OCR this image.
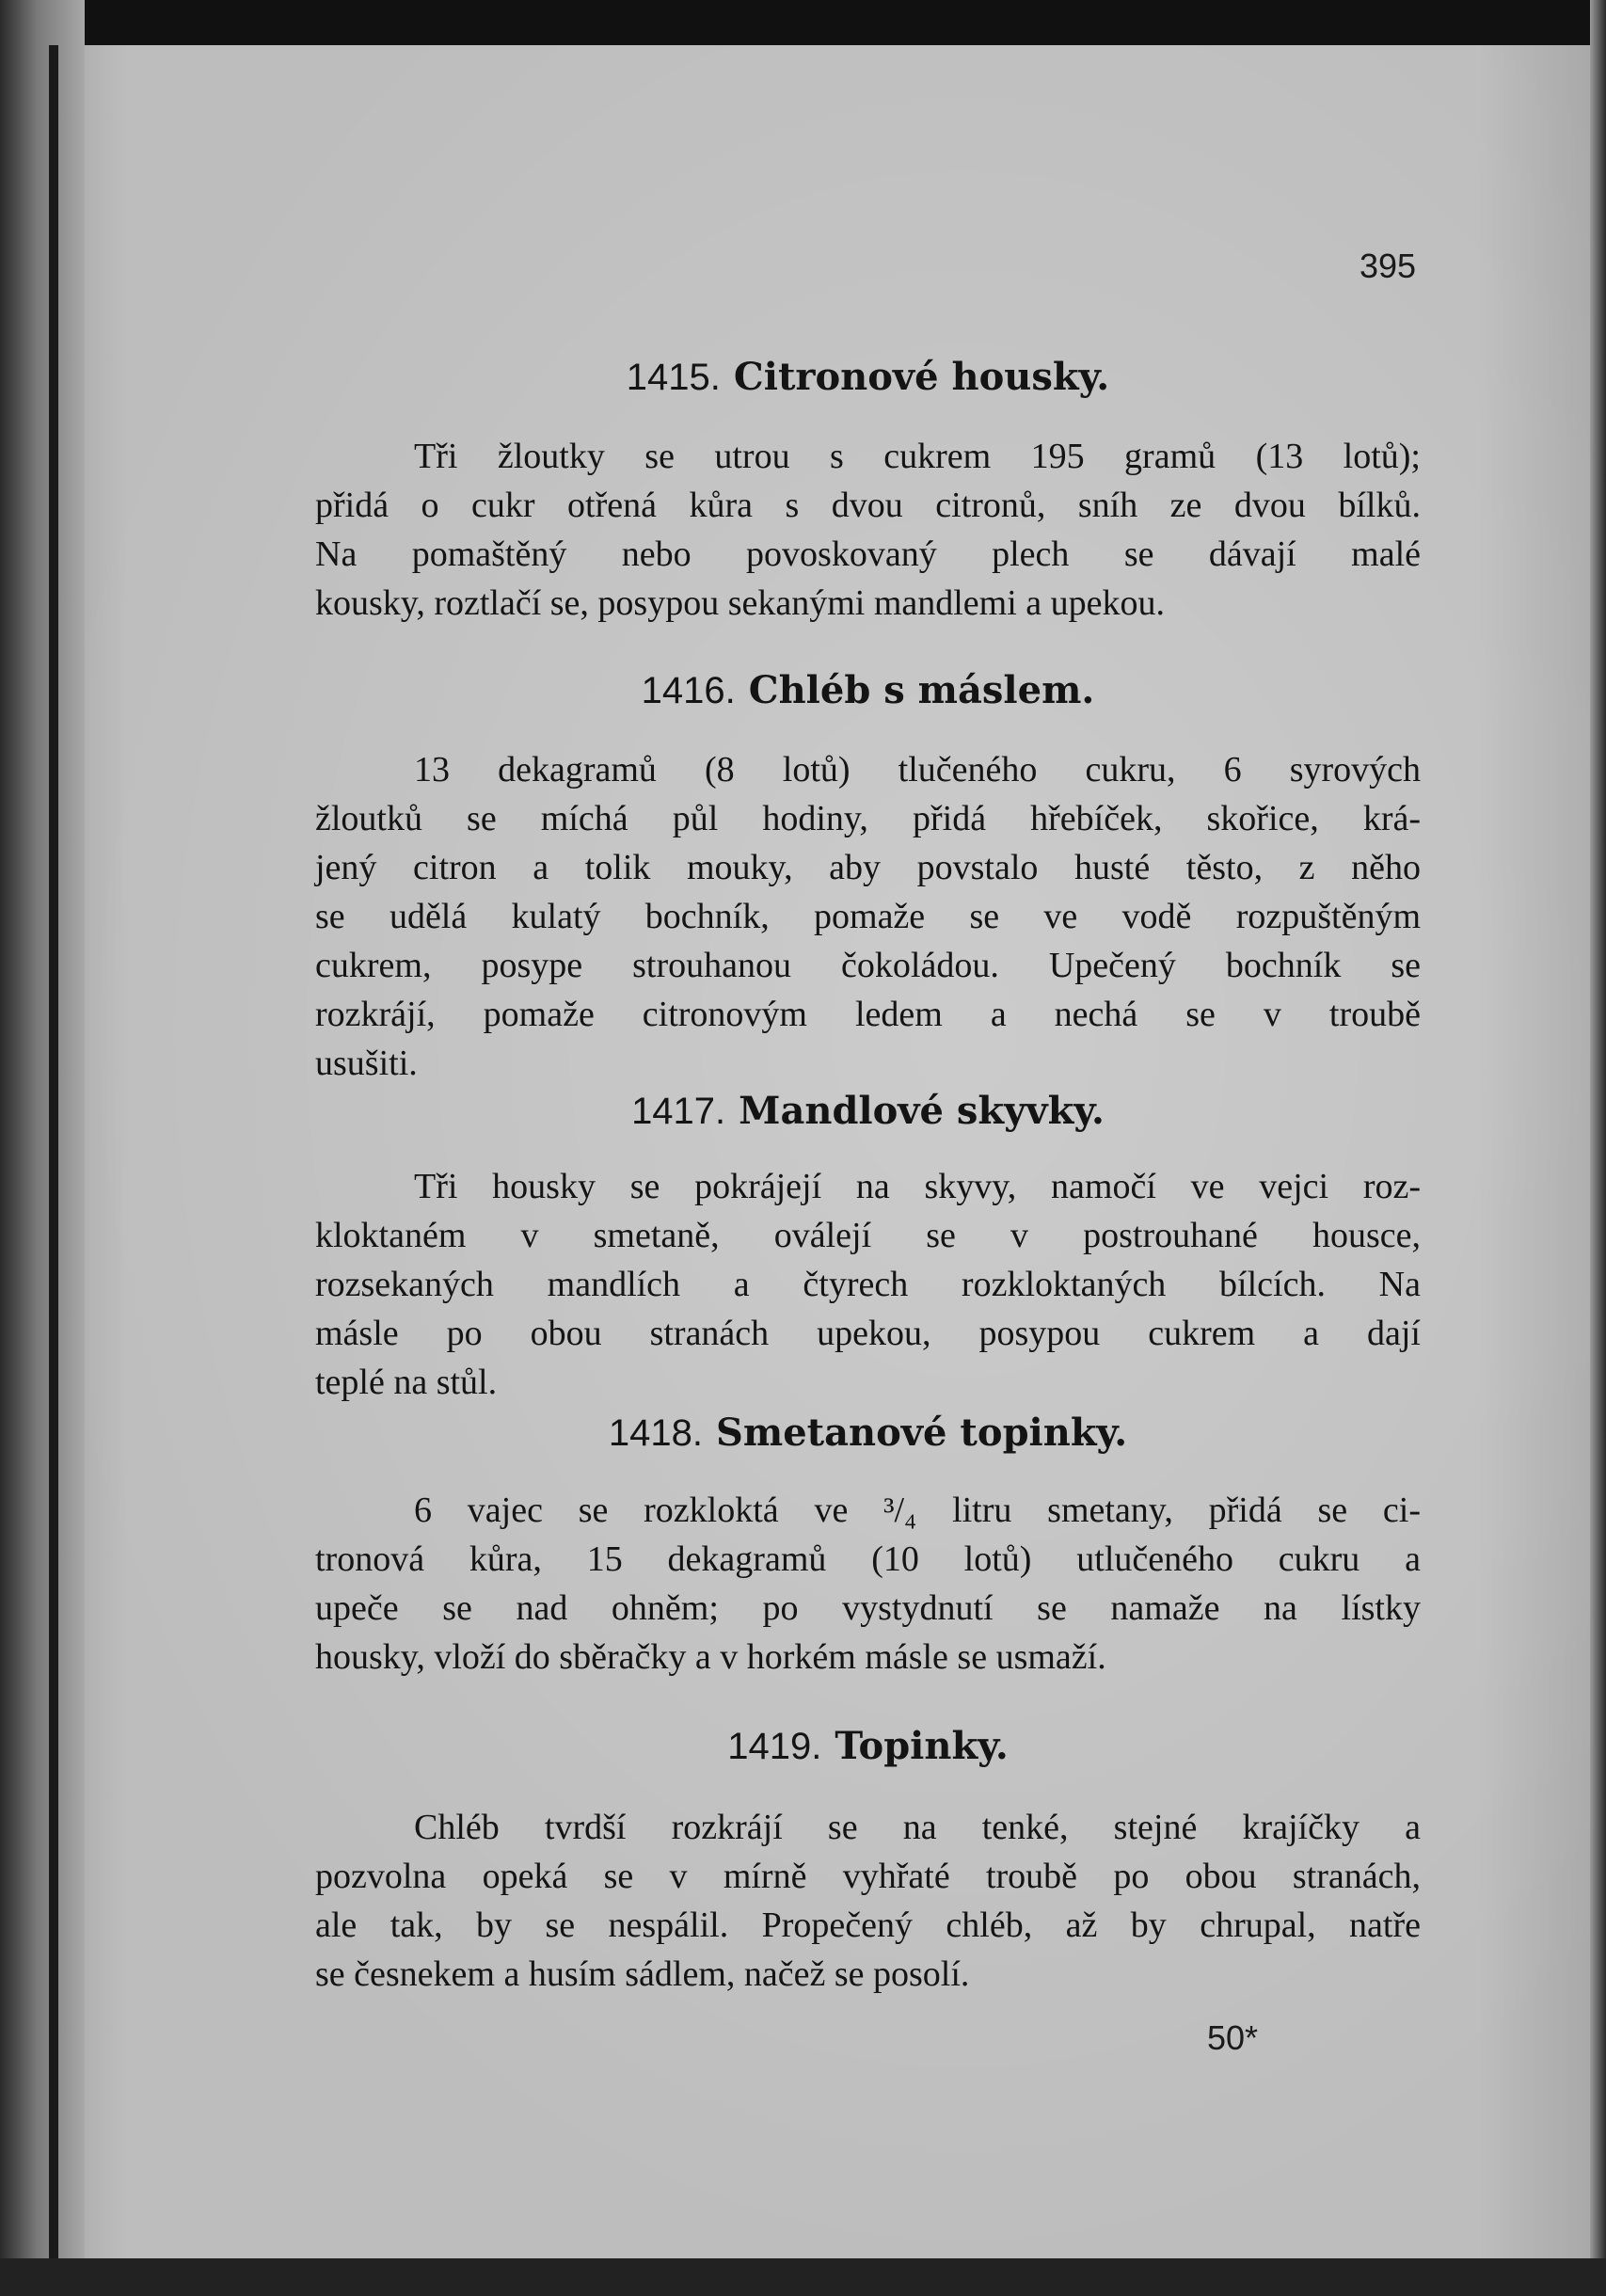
395
1415. Citronové housky.
Tři žloutky se utrou s cukrem 195 gramů (13 lotů);
přidá o cukr otřená kůra s dvou citronů, sníh ze dvou bílků.
Na pomaštěný nebo povoskovaný plech se dávají malé
kousky, roztlačí se, posypou sekanými mandlemi a upekou.
1416. Chléb s máslem.
13 dekagramů (8 lotů) tlučeného cukru, 6 syrových
žloutků se míchá půl hodiny, přidá hřebíček, skořice, krá-
jený citron a tolik mouky, aby povstalo husté těsto, z něho
se udělá kulatý bochník, pomaže se ve vodě rozpuštěným
cukrem, posype strouhanou čokoládou. Upečený bochník se
rozkrájí, pomaže citronovým ledem a nechá se v troubě
usušiti.
1417. Mandlové skyvky.
Tři housky se pokrájejí na skyvy, namočí ve vejci roz-
kloktaném v smetaně, oválejí se v postrouhané housce,
rozsekaných mandlích a čtyrech rozkloktaných bílcích. Na
másle po obou stranách upekou, posypou cukrem a dají
teplé na stůl.
1418. Smetanové topinky.
6 vajec se rozkloktá ve ³/₄ litru smetany, přidá se ci-
tronová kůra, 15 dekagramů (10 lotů) utlučeného cukru a
upeče se nad ohněm; po vystydnutí se namaže na lístky
housky, vloží do sběračky a v horkém másle se usmaží.
1419. Topinky.
Chléb tvrdší rozkrájí se na tenké, stejné krajíčky a
pozvolna opeká se v mírně vyhřaté troubě po obou stranách,
ale tak, by se nespálil. Propečený chléb, až by chrupal, natře
se česnekem a husím sádlem, načež se posolí.
50*
